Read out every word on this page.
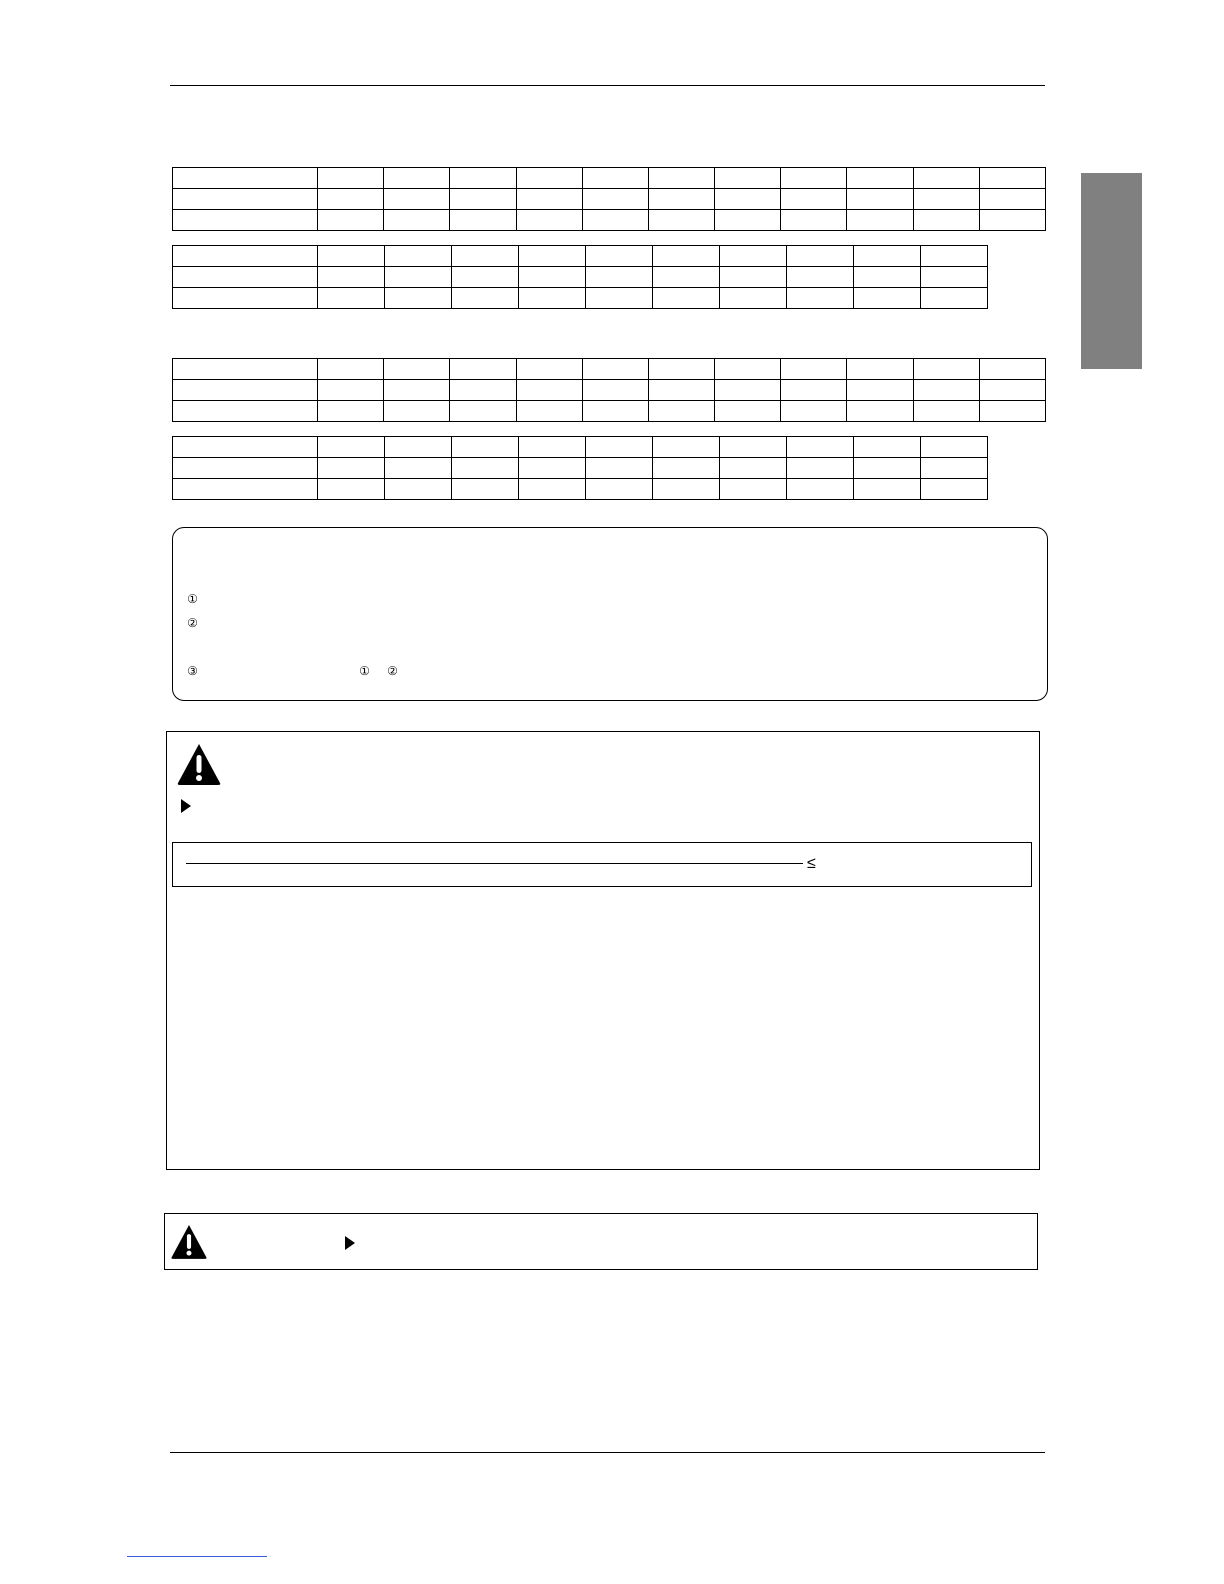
①
②
③	① ②
≤
